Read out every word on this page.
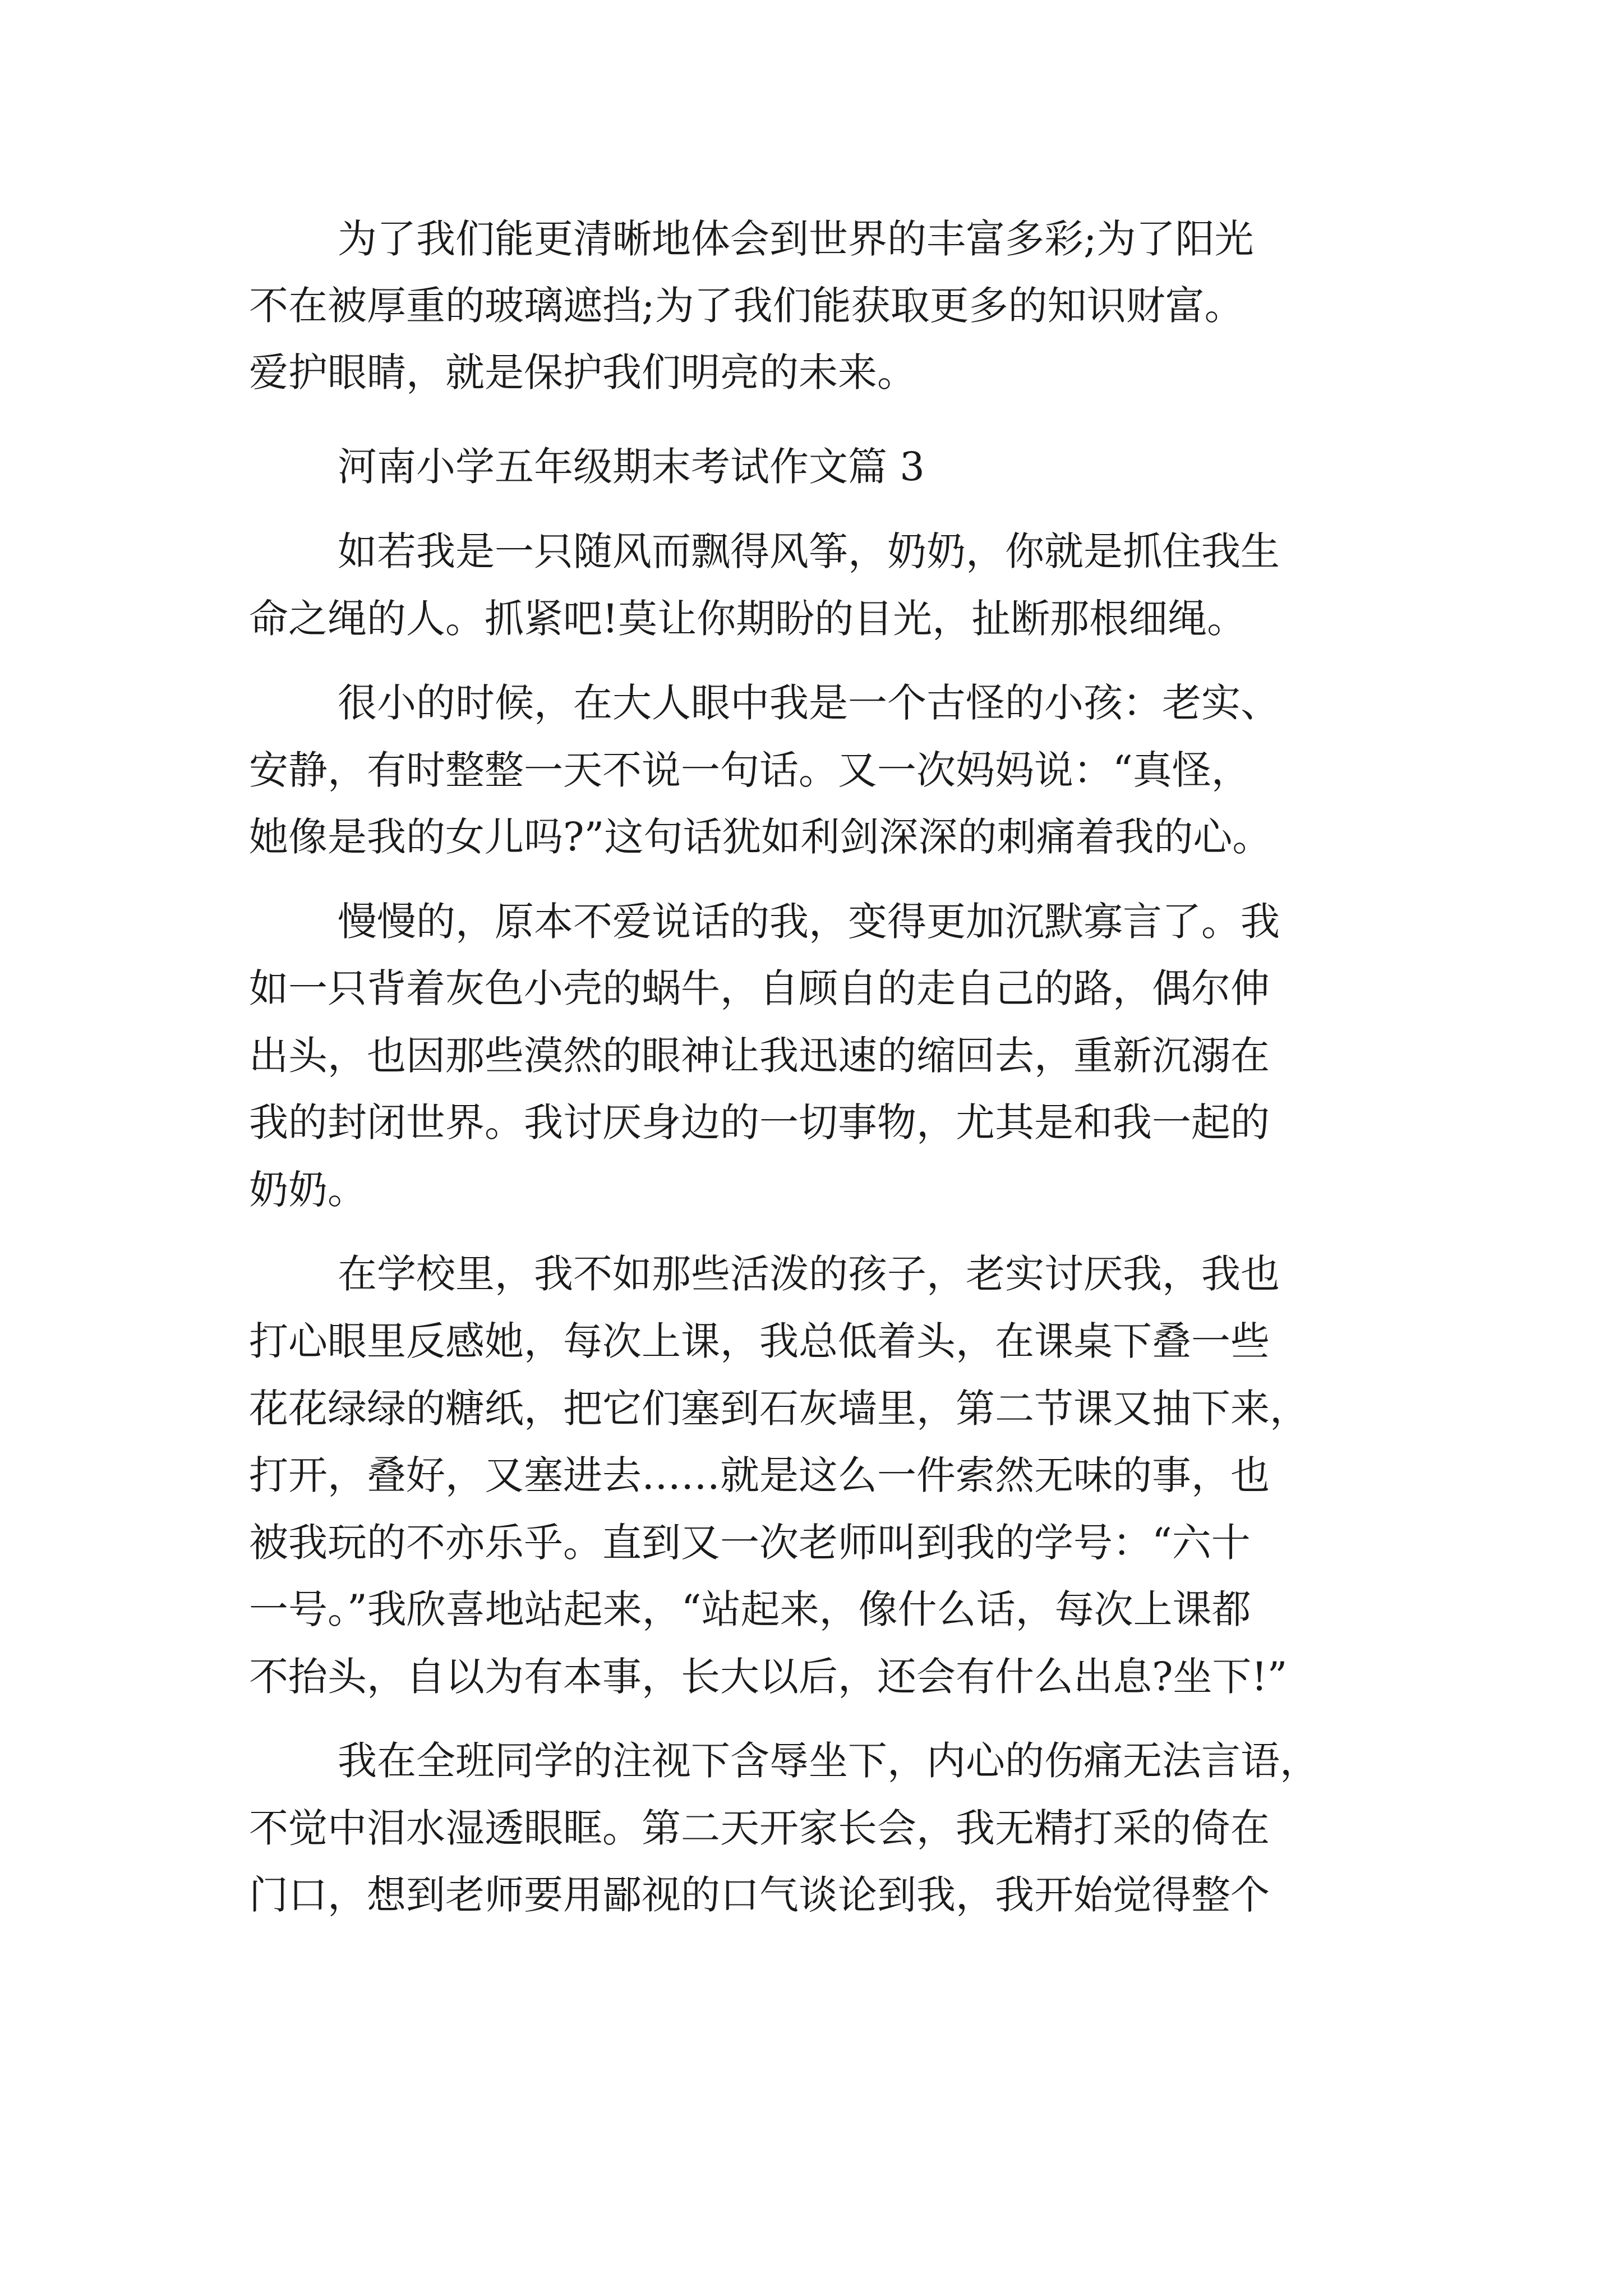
为了我们能更清晰地体会到世界的丰富多彩;为了阳光
不在被厚重的玻璃遮挡;为了我们能获取更多的知识财富。
爱护眼睛，就是保护我们明亮的未来。
河南小学五年级期末考试作文篇 3
如若我是一只随风而飘得风筝，奶奶，你就是抓住我生
命之绳的人。抓紧吧!莫让你期盼的目光，扯断那根细绳。
很小的时候，在大人眼中我是一个古怪的小孩：老实、
安静，有时整整一天不说一句话。又一次妈妈说：“真怪，
她像是我的女儿吗?”这句话犹如利剑深深的刺痛着我的心。
慢慢的，原本不爱说话的我，变得更加沉默寡言了。我
如一只背着灰色小壳的蜗牛，自顾自的走自己的路，偶尔伸
出头，也因那些漠然的眼神让我迅速的缩回去，重新沉溺在
我的封闭世界。我讨厌身边的一切事物，尤其是和我一起的
奶奶。
在学校里，我不如那些活泼的孩子，老实讨厌我，我也
打心眼里反感她，每次上课，我总低着头，在课桌下叠一些
花花绿绿的糖纸，把它们塞到石灰墙里，第二节课又抽下来，
打开，叠好，又塞进去……就是这么一件索然无味的事，也
被我玩的不亦乐乎。直到又一次老师叫到我的学号：“六十
一号。”我欣喜地站起来，“站起来，像什么话，每次上课都
不抬头，自以为有本事，长大以后，还会有什么出息?坐下!”
我在全班同学的注视下含辱坐下，内心的伤痛无法言语，
不觉中泪水湿透眼眶。第二天开家长会，我无精打采的倚在
门口，想到老师要用鄙视的口气谈论到我，我开始觉得整个
